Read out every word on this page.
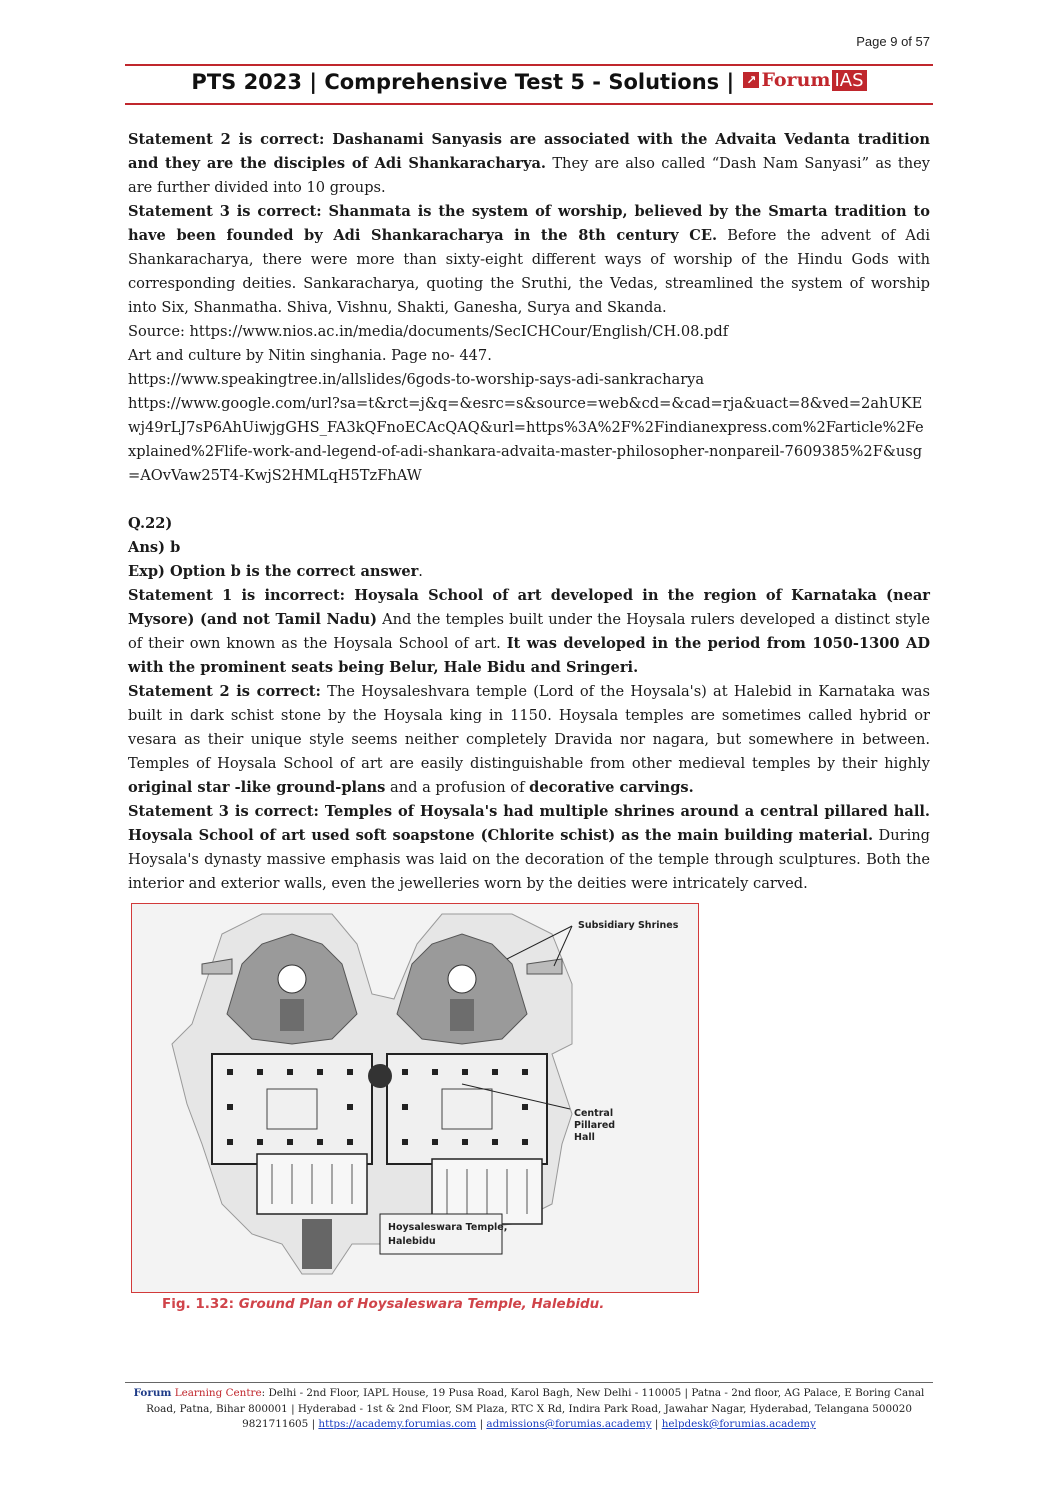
Page 9 of 57
PTS 2023 | Comprehensive Test 5 - Solutions | ↗ Forum IAS

Statement 2 is correct: Dashanami Sanyasis are associated with the Advaita Vedanta tradition and they are the disciples of Adi Shankaracharya. They are also called “Dash Nam Sanyasi” as they are further divided into 10 groups.

Statement 3 is correct: Shanmata is the system of worship, believed by the Smarta tradition to have been founded by Adi Shankaracharya in the 8th century CE. Before the advent of Adi Shankaracharya, there were more than sixty-eight different ways of worship of the Hindu Gods with corresponding deities. Sankaracharya, quoting the Sruthi, the Vedas, streamlined the system of worship into Six, Shanmatha. Shiva, Vishnu, Shakti, Ganesha, Surya and Skanda.

Source: https://www.nios.ac.in/media/documents/SecICHCour/English/CH.08.pdf

Art and culture by Nitin singhania. Page no- 447.

https://www.speakingtree.in/allslides/6gods-to-worship-says-adi-sankracharya

https://www.google.com/url?sa=t&rct=j&q=&esrc=s&source=web&cd=&cad=rja&uact=8&ved=2ahUKEwj49rLJ7sP6AhUiwjgGHS_FA3kQFnoECAcQAQ&url=https%3A%2F%2Findianexpress.com%2Farticle%2Fexplained%2Flife-work-and-legend-of-adi-shankara-advaita-master-philosopher-nonpareil-7609385%2F&usg=AOvVaw25T4-KwjS2HMLqH5TzFhAW

Q.22)

Ans) b

Exp) Option b is the correct answer.

Statement 1 is incorrect: Hoysala School of art developed in the region of Karnataka (near Mysore) (and not Tamil Nadu) And the temples built under the Hoysala rulers developed a distinct style of their own known as the Hoysala School of art. It was developed in the period from 1050-1300 AD with the prominent seats being Belur, Hale Bidu and Sringeri.

Statement 2 is correct: The Hoysaleshvara temple (Lord of the Hoysala's) at Halebid in Karnataka was built in dark schist stone by the Hoysala king in 1150. Hoysala temples are sometimes called hybrid or vesara as their unique style seems neither completely Dravida nor nagara, but somewhere in between. Temples of Hoysala School of art are easily distinguishable from other medieval temples by their highly original star -like ground-plans and a profusion of decorative carvings.

Statement 3 is correct: Temples of Hoysala's had multiple shrines around a central pillared hall. Hoysala School of art used soft soapstone (Chlorite schist) as the main building material. During Hoysala's dynasty massive emphasis was laid on the decoration of the temple through sculptures. Both the interior and exterior walls, even the jewelleries worn by the deities were intricately carved.

Subsidiary Shrines
Central
Pillared
Hall
Hoysaleswara Temple,
Halebidu
Fig. 1.32: Ground Plan of Hoysaleswara Temple, Halebidu.
Forum Learning Centre: Delhi - 2nd Floor, IAPL House, 19 Pusa Road, Karol Bagh, New Delhi - 110005 | Patna - 2nd floor, AG Palace, E Boring Canal Road, Patna, Bihar 800001 | Hyderabad - 1st & 2nd Floor, SM Plaza, RTC X Rd, Indira Park Road, Jawahar Nagar, Hyderabad, Telangana 500020
9821711605 | https://academy.forumias.com | admissions@forumias.academy | helpdesk@forumias.academy
